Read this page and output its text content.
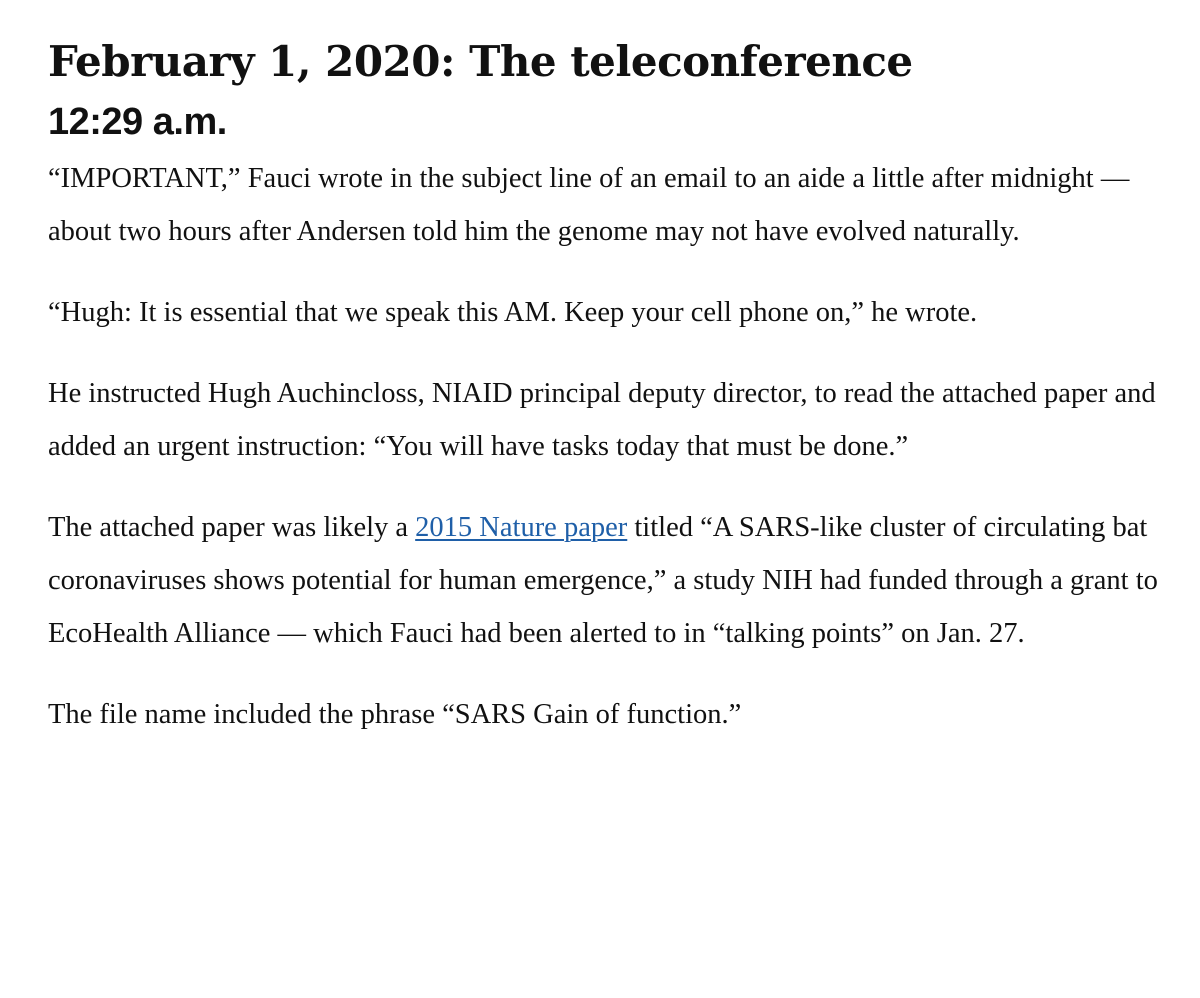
February 1, 2020: The teleconference
12:29 a.m.

“IMPORTANT,” Fauci wrote in the subject line of an email to an aide a little after midnight — about two hours after Andersen told him the genome may not have evolved naturally.

“Hugh: It is essential that we speak this AM. Keep your cell phone on,” he wrote.

He instructed Hugh Auchincloss, NIAID principal deputy director, to read the attached paper and added an urgent instruction: “You will have tasks today that must be done.”

The attached paper was likely a 2015 Nature paper titled “A SARS-like cluster of circulating bat coronaviruses shows potential for human emergence,” a study NIH had funded through a grant to EcoHealth Alliance — which Fauci had been alerted to in “talking points” on Jan. 27.

The file name included the phrase “SARS Gain of function.”
